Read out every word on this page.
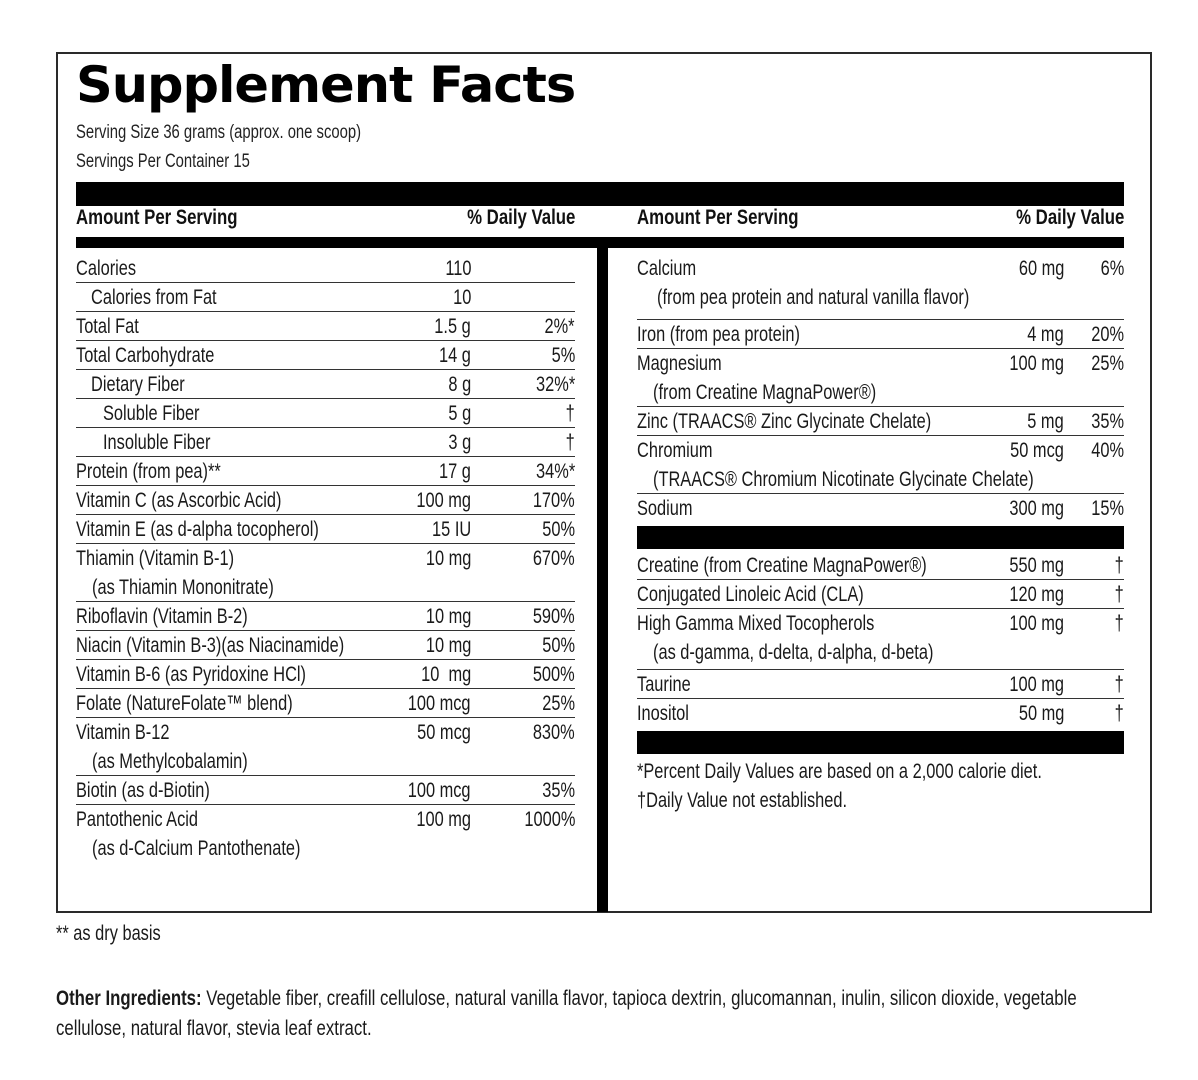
Supplement Facts
Serving Size 36 grams (approx. one scoop)
Servings Per Container 15
Amount Per Serving	% Daily Value	Amount Per Serving	% Daily Value
Calories	110
Calories from Fat	10
Total Fat	1.5 g	2%*
Total Carbohydrate	14 g	5%
Dietary Fiber	8 g	32%*
Soluble Fiber	5 g	†
Insoluble Fiber	3 g	†
Protein (from pea)**	17 g	34%*
Vitamin C (as Ascorbic Acid)	100 mg	170%
Vitamin E (as d-alpha tocopherol)	15 IU	50%
Thiamin (Vitamin B-1)
(as Thiamin Mononitrate)
10 mg	670%
Riboflavin (Vitamin B-2)	10 mg	590%
Niacin (Vitamin B-3)(as Niacinamide)	10 mg	50%
Vitamin B-6 (as Pyridoxine HCl)	10  mg	500%
Folate (NatureFolate™ blend)	100 mcg	25%
Vitamin B-12
(as Methylcobalamin)
50 mcg	830%
Biotin (as d-Biotin)	100 mcg	35%
Pantothenic Acid
(as d-Calcium Pantothenate)
100 mg	1000%
Calcium
(from pea protein and natural vanilla flavor)
60 mg 6%
Iron (from pea protein)	4 mg 20%
Magnesium
(from Creatine MagnaPower®)
100 mg 25%
Zinc (TRAACS® Zinc Glycinate Chelate)	5 mg 35%
Chromium
(TRAACS® Chromium Nicotinate Glycinate Chelate)
50 mcg 40%
Sodium	300 mg 15%
Creatine (from Creatine MagnaPower®)	550 mg †
Conjugated Linoleic Acid (CLA)	120 mg †
High Gamma Mixed Tocopherols
(as d-gamma, d-delta, d-alpha, d-beta)
100 mg †
Taurine	100 mg †
Inositol	50 mg †
*Percent Daily Values are based on a 2,000 calorie diet.
†Daily Value not established.
** as dry basis
Other Ingredients: Vegetable fiber, creafill cellulose, natural vanilla flavor, tapioca dextrin, glucomannan, inulin, silicon dioxide, vegetable cellulose, natural flavor, stevia leaf extract.
